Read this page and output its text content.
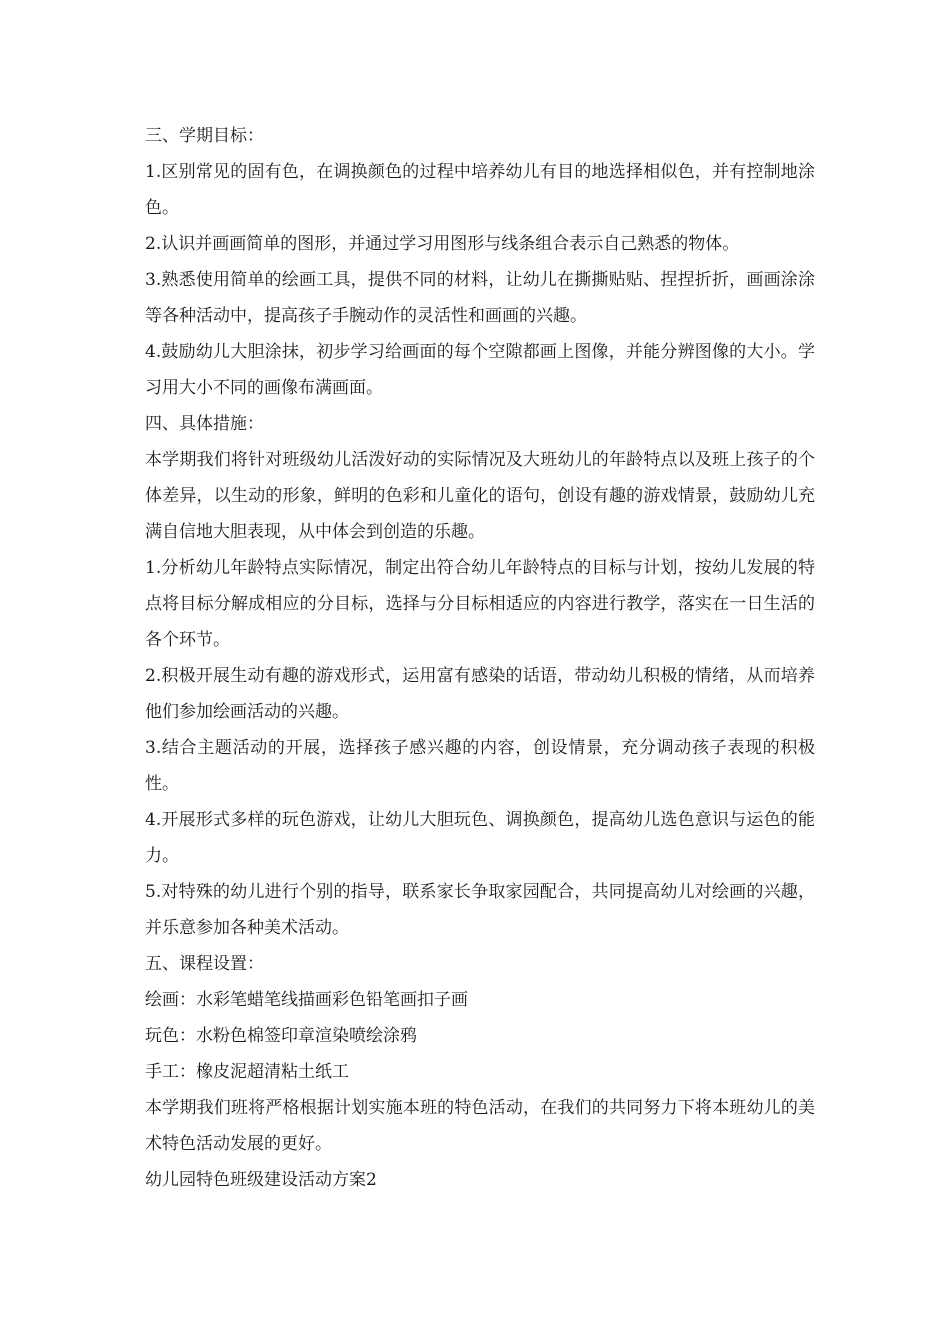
三、学期目标：

1.区别常见的固有色，在调换颜色的过程中培养幼儿有目的地选择相似色，并有控制地涂色。

2.认识并画画简单的图形，并通过学习用图形与线条组合表示自己熟悉的物体。

3.熟悉使用简单的绘画工具，提供不同的材料，让幼儿在撕撕贴贴、捏捏折折，画画涂涂等各种活动中，提高孩子手腕动作的灵活性和画画的兴趣。

4.鼓励幼儿大胆涂抹，初步学习给画面的每个空隙都画上图像，并能分辨图像的大小。学习用大小不同的画像布满画面。

四、具体措施：

本学期我们将针对班级幼儿活泼好动的实际情况及大班幼儿的年龄特点以及班上孩子的个体差异，以生动的形象，鲜明的色彩和儿童化的语句，创设有趣的游戏情景，鼓励幼儿充满自信地大胆表现，从中体会到创造的乐趣。

1.分析幼儿年龄特点实际情况，制定出符合幼儿年龄特点的目标与计划，按幼儿发展的特点将目标分解成相应的分目标，选择与分目标相适应的内容进行教学，落实在一日生活的各个环节。

2.积极开展生动有趣的游戏形式，运用富有感染的话语，带动幼儿积极的情绪，从而培养他们参加绘画活动的兴趣。

3.结合主题活动的开展，选择孩子感兴趣的内容，创设情景，充分调动孩子表现的积极性。

4.开展形式多样的玩色游戏，让幼儿大胆玩色、调换颜色，提高幼儿选色意识与运色的能力。

5.对特殊的幼儿进行个别的指导，联系家长争取家园配合，共同提高幼儿对绘画的兴趣，并乐意参加各种美术活动。

五、课程设置：

绘画：水彩笔蜡笔线描画彩色铅笔画扣子画

玩色：水粉色棉签印章渲染喷绘涂鸦

手工：橡皮泥超清粘土纸工

本学期我们班将严格根据计划实施本班的特色活动，在我们的共同努力下将本班幼儿的美术特色活动发展的更好。

幼儿园特色班级建设活动方案2
